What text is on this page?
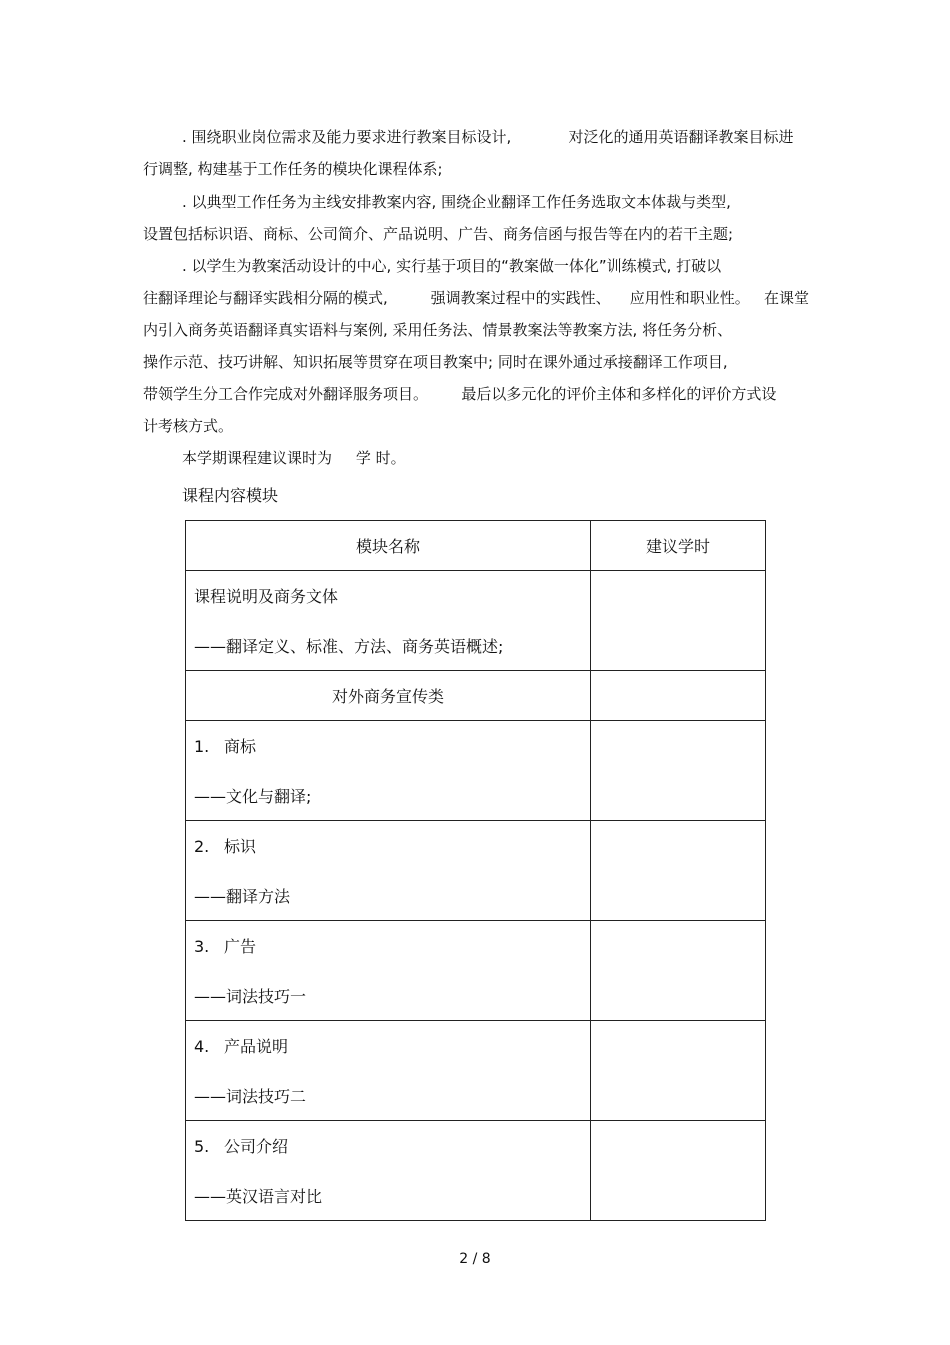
. 围绕职业岗位需求及能力要求进行教案目标设计,            对泛化的通用英语翻译教案目标进
行调整, 构建基于工作任务的模块化课程体系;
. 以典型工作任务为主线安排教案内容, 围绕企业翻译工作任务选取文本体裁与类型,
设置包括标识语、商标、公司简介、产品说明、广告、商务信函与报告等在内的若干主题;
. 以学生为教案活动设计的中心, 实行基于项目的“教案做一体化”训练模式, 打破以
往翻译理论与翻译实践相分隔的模式,         强调教案过程中的实践性、    应用性和职业性。   在课堂
内引入商务英语翻译真实语料与案例, 采用任务法、情景教案法等教案方法, 将任务分析、
操作示范、技巧讲解、知识拓展等贯穿在项目教案中; 同时在课外通过承接翻译工作项目,
带领学生分工合作完成对外翻译服务项目。       最后以多元化的评价主体和多样化的评价方式设
计考核方式。
本学期课程建议课时为     学 时。
课程内容模块
模块名称	建议学时

课程说明及商务文体
——翻译定义、标准、方法、商务英语概述;	

对外商务宣传类	

1. 商标
——文化与翻译;	

2. 标识
——翻译方法	

3. 广告
——词法技巧一	

4. 产品说明
——词法技巧二	

5. 公司介绍
——英汉语言对比	

2 / 8
